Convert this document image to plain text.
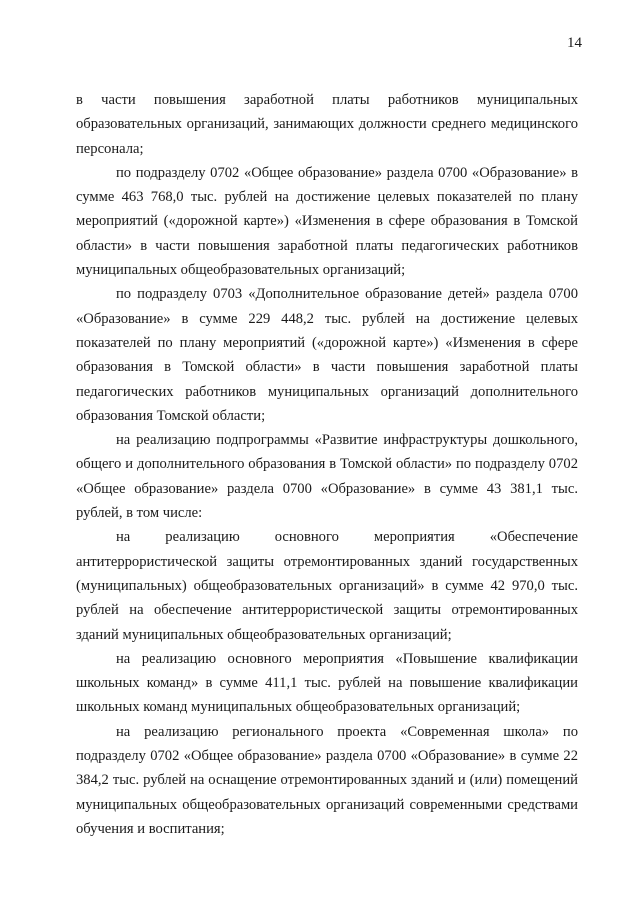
14

в части повышения заработной платы работников муниципальных образовательных организаций, занимающих должности среднего медицинского персонала;

по подразделу 0702 «Общее образование» раздела 0700 «Образование» в сумме 463 768,0 тыс. рублей на достижение целевых показателей по плану мероприятий («дорожной карте») «Изменения в сфере образования в Томской области» в части повышения заработной платы педагогических работников муниципальных общеобразовательных организаций;

по подразделу 0703 «Дополнительное образование детей» раздела 0700 «Образование» в сумме 229 448,2 тыс. рублей на достижение целевых показателей по плану мероприятий («дорожной карте») «Изменения в сфере образования в Томской области» в части повышения заработной платы педагогических работников муниципальных организаций дополнительного образования Томской области;

на реализацию подпрограммы «Развитие инфраструктуры дошкольного, общего и дополнительного образования в Томской области» по подразделу 0702 «Общее образование» раздела 0700 «Образование» в сумме 43 381,1 тыс. рублей, в том числе:

на реализацию основного мероприятия «Обеспечение антитеррористической защиты отремонтированных зданий государственных (муниципальных) общеобразовательных организаций» в сумме 42 970,0 тыс. рублей на обеспечение антитеррористической защиты отремонтированных зданий муниципальных общеобразовательных организаций;

на реализацию основного мероприятия «Повышение квалификации школьных команд» в сумме 411,1 тыс. рублей на повышение квалификации школьных команд муниципальных общеобразовательных организаций;

на реализацию регионального проекта «Современная школа» по подразделу 0702 «Общее образование» раздела 0700 «Образование» в сумме 22 384,2 тыс. рублей на оснащение отремонтированных зданий и (или) помещений муниципальных общеобразовательных организаций современными средствами обучения и воспитания;
